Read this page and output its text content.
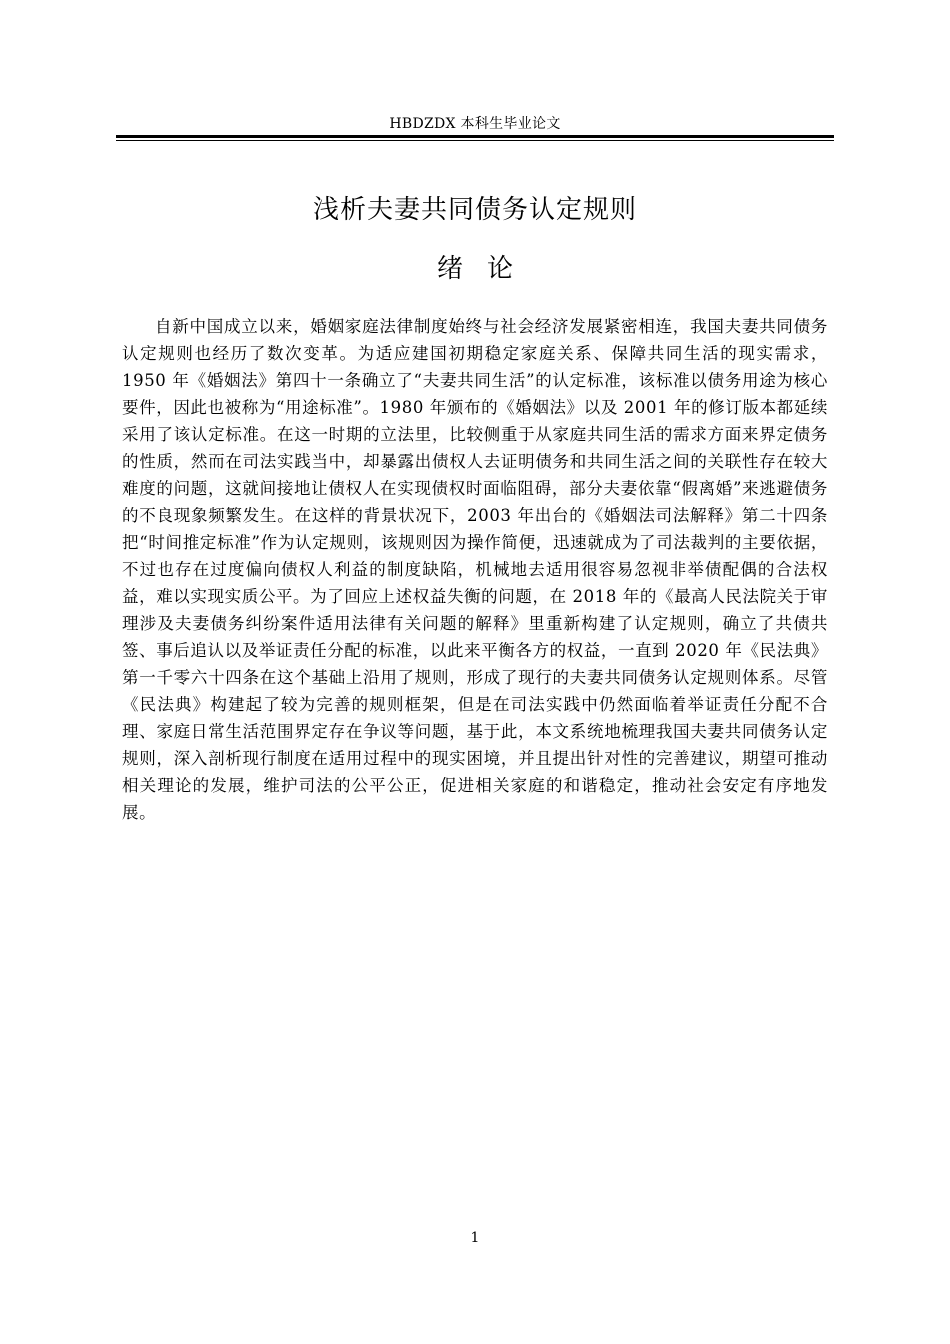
HBDZDX 本科生毕业论文
浅析夫妻共同债务认定规则
绪论

自新中国成立以来，婚姻家庭法律制度始终与社会经济发展紧密相连，我国夫妻共同债务认定规则也经历了数次变革。为适应建国初期稳定家庭关系、保障共同生活的现实需求，1950 年《婚姻法》第四十一条确立了“夫妻共同生活”的认定标准，该标准以债务用途为核心要件，因此也被称为“用途标准”。1980 年颁布的《婚姻法》以及 2001 年的修订版本都延续采用了该认定标准。在这一时期的立法里，比较侧重于从家庭共同生活的需求方面来界定债务的性质，然而在司法实践当中，却暴露出债权人去证明债务和共同生活之间的关联性存在较大难度的问题，这就间接地让债权人在实现债权时面临阻碍，部分夫妻依靠“假离婚”来逃避债务的不良现象频繁发生。在这样的背景状况下，2003 年出台的《婚姻法司法解释》第二十四条把“时间推定标准”作为认定规则，该规则因为操作简便，迅速就成为了司法裁判的主要依据，不过也存在过度偏向债权人利益的制度缺陷，机械地去适用很容易忽视非举债配偶的合法权益，难以实现实质公平。为了回应上述权益失衡的问题，在 2018 年的《最高人民法院关于审理涉及夫妻债务纠纷案件适用法律有关问题的解释》里重新构建了认定规则，确立了共债共签、事后追认以及举证责任分配的标准，以此来平衡各方的权益，一直到 2020 年《民法典》第一千零六十四条在这个基础上沿用了规则，形成了现行的夫妻共同债务认定规则体系。尽管《民法典》构建起了较为完善的规则框架，但是在司法实践中仍然面临着举证责任分配不合理、家庭日常生活范围界定存在争议等问题，基于此，本文系统地梳理我国夫妻共同债务认定规则，深入剖析现行制度在适用过程中的现实困境，并且提出针对性的完善建议，期望可推动相关理论的发展，维护司法的公平公正，促进相关家庭的和谐稳定，推动社会安定有序地发展。

1
